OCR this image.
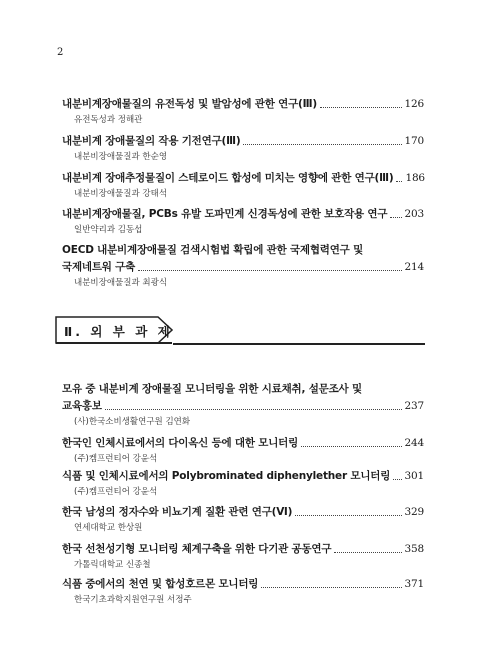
2
내분비계장애물질의 유전독성 및 발암성에 관한 연구(Ⅲ)	126
유전독성과 정해관
내분비계 장애물질의 작용 기전연구(Ⅲ)	170
내분비장애물질과 한순영
내분비계 장애추정물질이 스테로이드 합성에 미치는 영향에 관한 연구(Ⅲ) 186
내분비장애물질과 강태석
내분비계장애물질, PCBs 유발 도파민계 신경독성에 관한 보호작용 연구 203
일반약리과 김동섭
OECD 내분비계장애물질 검색시험법 확립에 관한 국제협력연구 및
국제네트워 구축	214
내분비장애물질과 최광식
Ⅱ. 외 부 과 제
모유 중 내분비계 장애물질 모니터링을 위한 시료채취, 설문조사 및
교육홍보	237
(사)한국소비생활연구원 김연화
한국인 인체시료에서의 다이옥신 등에 대한 모니터링	244
(주)켐프런티어 강윤석
식품 및 인체시료에서의 Polybrominated diphenylether 모니터링 301
(주)켐프런티어 강윤석
한국 남성의 정자수와 비뇨기계 질환 관련 연구(Ⅵ)	329
연세대학교 한상원
한국 선천성기형 모니터링 체계구축을 위한 다기관 공동연구	358
가톨릭대학교 신종철
식품 중에서의 천연 및 합성호르몬 모니터링	371
한국기초과학지원연구원 서정주
